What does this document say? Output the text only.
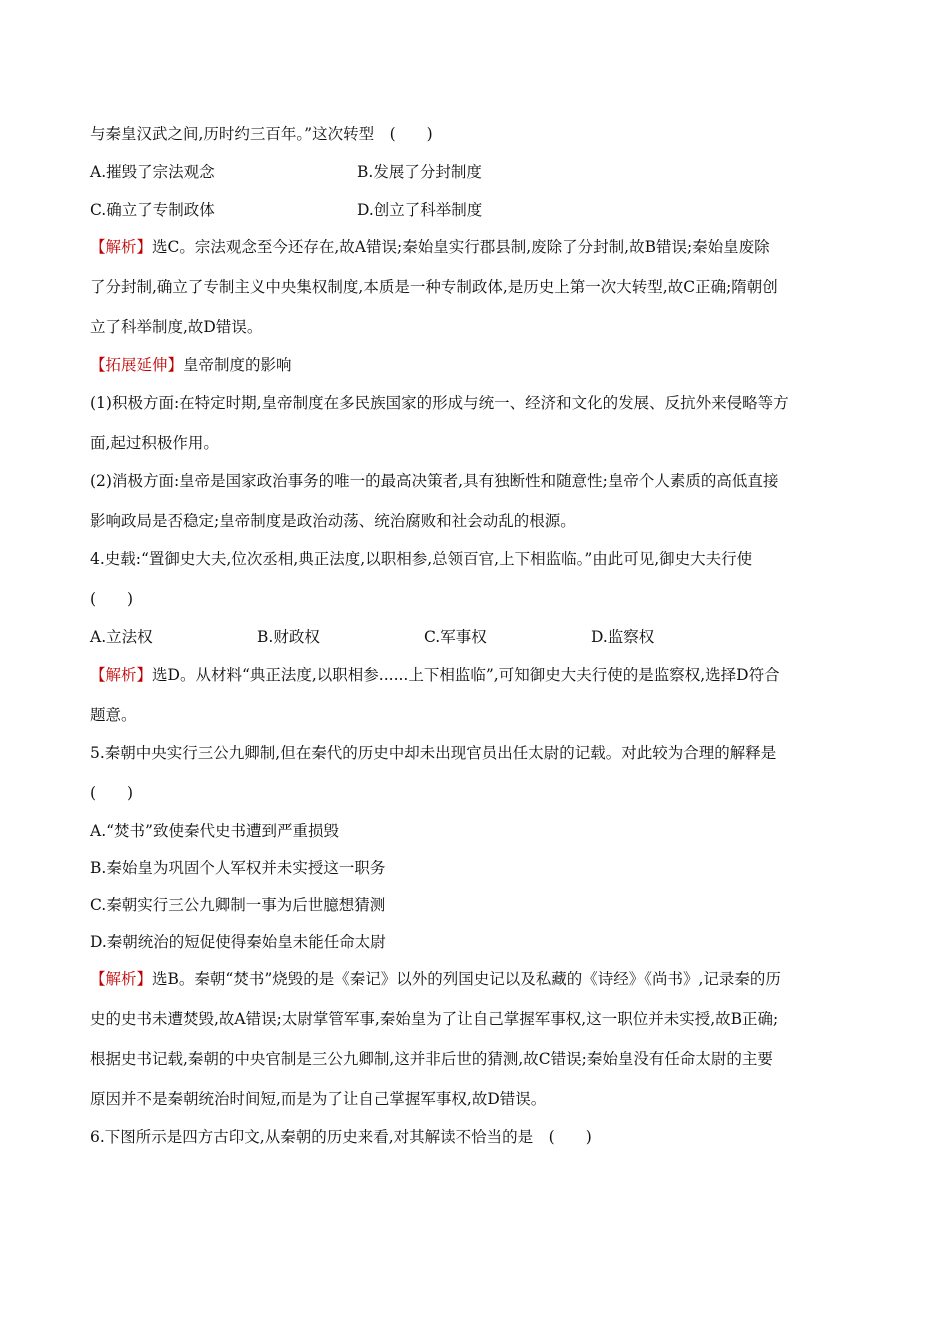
与秦皇汉武之间,历时约三百年。”这次转型　(　　)
A.摧毁了宗法观念	B.发展了分封制度
C.确立了专制政体	D.创立了科举制度
【解析】选C。宗法观念至今还存在,故A错误;秦始皇实行郡县制,废除了分封制,故B错误;秦始皇废除
了分封制,确立了专制主义中央集权制度,本质是一种专制政体,是历史上第一次大转型,故C正确;隋朝创
立了科举制度,故D错误。
【拓展延伸】皇帝制度的影响
(1)积极方面:在特定时期,皇帝制度在多民族国家的形成与统一、经济和文化的发展、反抗外来侵略等方
面,起过积极作用。
(2)消极方面:皇帝是国家政治事务的唯一的最高决策者,具有独断性和随意性;皇帝个人素质的高低直接
影响政局是否稳定;皇帝制度是政治动荡、统治腐败和社会动乱的根源。
4.史载:“置御史大夫,位次丞相,典正法度,以职相参,总领百官,上下相监临。”由此可见,御史大夫行使
(　　)
A.立法权	B.财政权	C.军事权	D.监察权
【解析】选D。从材料“典正法度,以职相参......上下相监临”,可知御史大夫行使的是监察权,选择D符合
题意。
5.秦朝中央实行三公九卿制,但在秦代的历史中却未出现官员出任太尉的记载。对此较为合理的解释是
(　　)
A.“焚书”致使秦代史书遭到严重损毁
B.秦始皇为巩固个人军权并未实授这一职务
C.秦朝实行三公九卿制一事为后世臆想猜测
D.秦朝统治的短促使得秦始皇未能任命太尉
【解析】选B。秦朝“焚书”烧毁的是《秦记》以外的列国史记以及私藏的《诗经》《尚书》,记录秦的历
史的史书未遭焚毁,故A错误;太尉掌管军事,秦始皇为了让自己掌握军事权,这一职位并未实授,故B正确;
根据史书记载,秦朝的中央官制是三公九卿制,这并非后世的猜测,故C错误;秦始皇没有任命太尉的主要
原因并不是秦朝统治时间短,而是为了让自己掌握军事权,故D错误。
6.下图所示是四方古印文,从秦朝的历史来看,对其解读不恰当的是　(　　)
